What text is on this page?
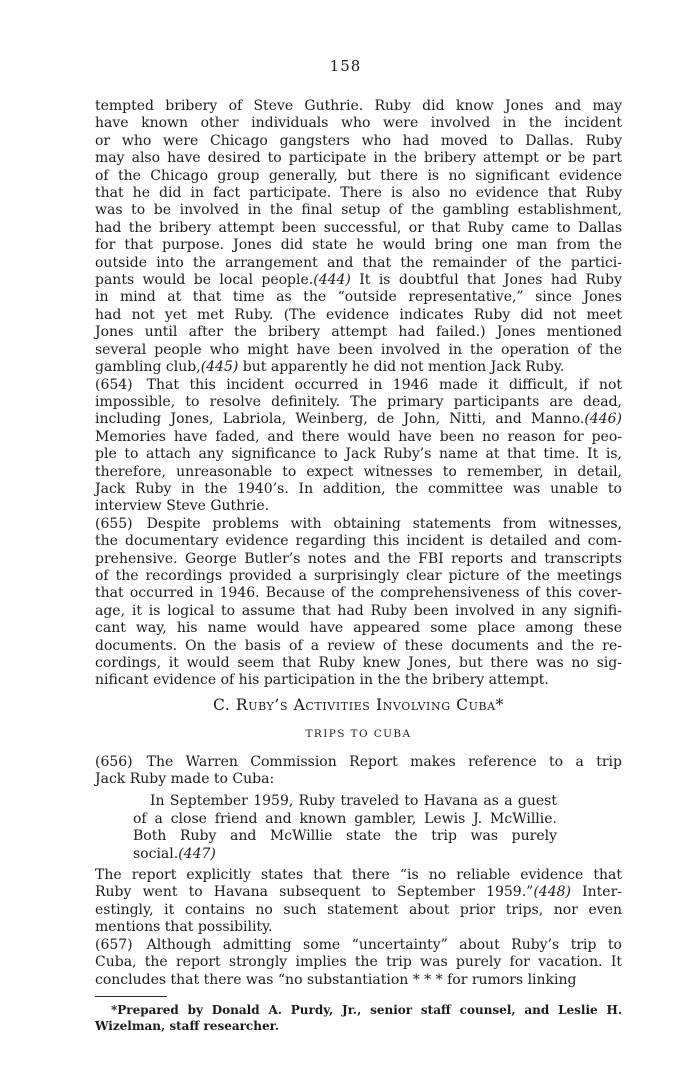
158
tempted bribery of Steve Guthrie. Ruby did know Jones and may
have known other individuals who were involved in the incident
or who were Chicago gangsters who had moved to Dallas. Ruby
may also have desired to participate in the bribery attempt or be part
of the Chicago group generally, but there is no significant evidence
that he did in fact participate. There is also no evidence that Ruby
was to be involved in the final setup of the gambling establishment,
had the bribery attempt been successful, or that Ruby came to Dallas
for that purpose. Jones did state he would bring one man from the
outside into the arrangement and that the remainder of the partici-
pants would be local people.(444) It is doubtful that Jones had Ruby
in mind at that time as the “outside representative,” since Jones
had not yet met Ruby. (The evidence indicates Ruby did not meet
Jones until after the bribery attempt had failed.) Jones mentioned
several people who might have been involved in the operation of the
gambling club,(445) but apparently he did not mention Jack Ruby.
(654) That this incident occurred in 1946 made it difficult, if not
impossible, to resolve definitely. The primary participants are dead,
including Jones, Labriola, Weinberg, de John, Nitti, and Manno.(446)
Memories have faded, and there would have been no reason for peo-
ple to attach any significance to Jack Ruby’s name at that time. It is,
therefore, unreasonable to expect witnesses to remember, in detail,
Jack Ruby in the 1940’s. In addition, the committee was unable to
interview Steve Guthrie.
(655) Despite problems with obtaining statements from witnesses,
the documentary evidence regarding this incident is detailed and com-
prehensive. George Butler’s notes and the FBI reports and transcripts
of the recordings provided a surprisingly clear picture of the meetings
that occurred in 1946. Because of the comprehensiveness of this cover-
age, it is logical to assume that had Ruby been involved in any signifi-
cant way, his name would have appeared some place among these
documents. On the basis of a review of these documents and the re-
cordings, it would seem that Ruby knew Jones, but there was no sig-
nificant evidence of his participation in the the bribery attempt.
C. Ruby’s Activities Involving Cuba*
TRIPS TO CUBA
(656) The Warren Commission Report makes reference to a trip
Jack Ruby made to Cuba:
In September 1959, Ruby traveled to Havana as a guest
of a close friend and known gambler, Lewis J. McWillie.
Both Ruby and McWillie state the trip was purely
social.(447)
The report explicitly states that there “is no reliable evidence that
Ruby went to Havana subsequent to September 1959.”(448) Inter-
estingly, it contains no such statement about prior trips, nor even
mentions that possibility.
(657) Although admitting some “uncertainty” about Ruby’s trip to
Cuba, the report strongly implies the trip was purely for vacation. It
concludes that there was “no substantiation * * * for rumors linking
*Prepared by Donald A. Purdy, Jr., senior staff counsel, and Leslie H.
Wizelman, staff researcher.
